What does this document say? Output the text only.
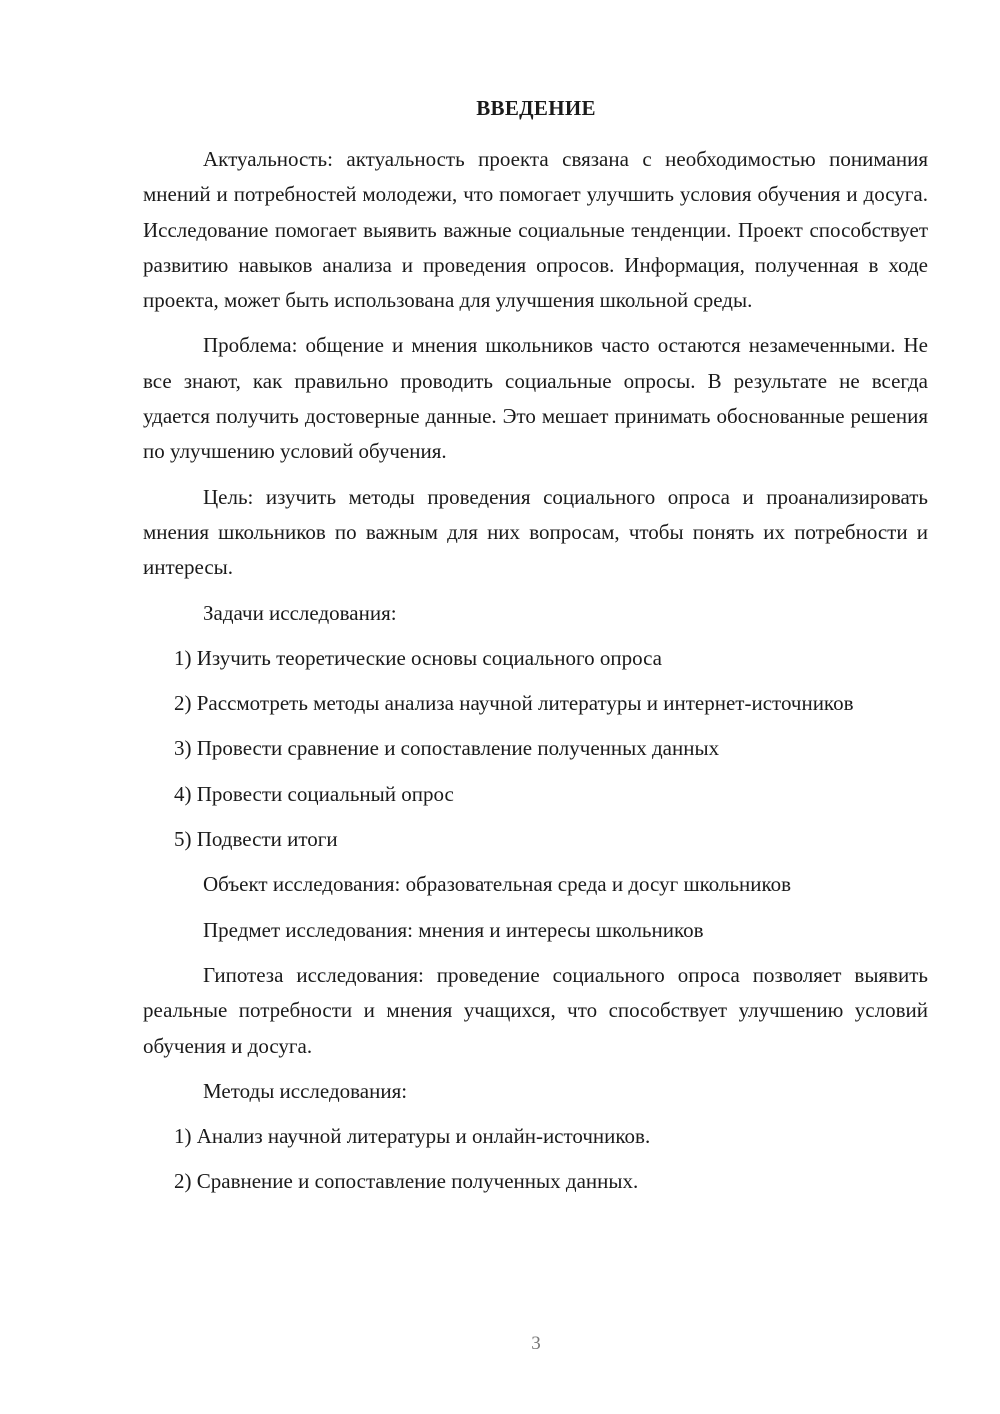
ВВЕДЕНИЕ

Актуальность: актуальность проекта связана с необходимостью понимания мнений и потребностей молодежи, что помогает улучшить условия обучения и досуга. Исследование помогает выявить важные социальные тенденции. Проект способствует развитию навыков анализа и проведения опросов. Информация, полученная в ходе проекта, может быть использована для улучшения школьной среды.

Проблема: общение и мнения школьников часто остаются незамеченными. Не все знают, как правильно проводить социальные опросы. В результате не всегда удается получить достоверные данные. Это мешает принимать обоснованные решения по улучшению условий обучения.

Цель: изучить методы проведения социального опроса и проанализировать мнения школьников по важным для них вопросам, чтобы понять их потребности и интересы.

Задачи исследования:

1) Изучить теоретические основы социального опроса

2) Рассмотреть методы анализа научной литературы и интернет-источников

3) Провести сравнение и сопоставление полученных данных

4) Провести социальный опрос

5) Подвести итоги

Объект исследования: образовательная среда и досуг школьников

Предмет исследования: мнения и интересы школьников

Гипотеза исследования: проведение социального опроса позволяет выявить реальные потребности и мнения учащихся, что способствует улучшению условий обучения и досуга.

Методы исследования:

1) Анализ научной литературы и онлайн-источников.

2) Сравнение и сопоставление полученных данных.

3
